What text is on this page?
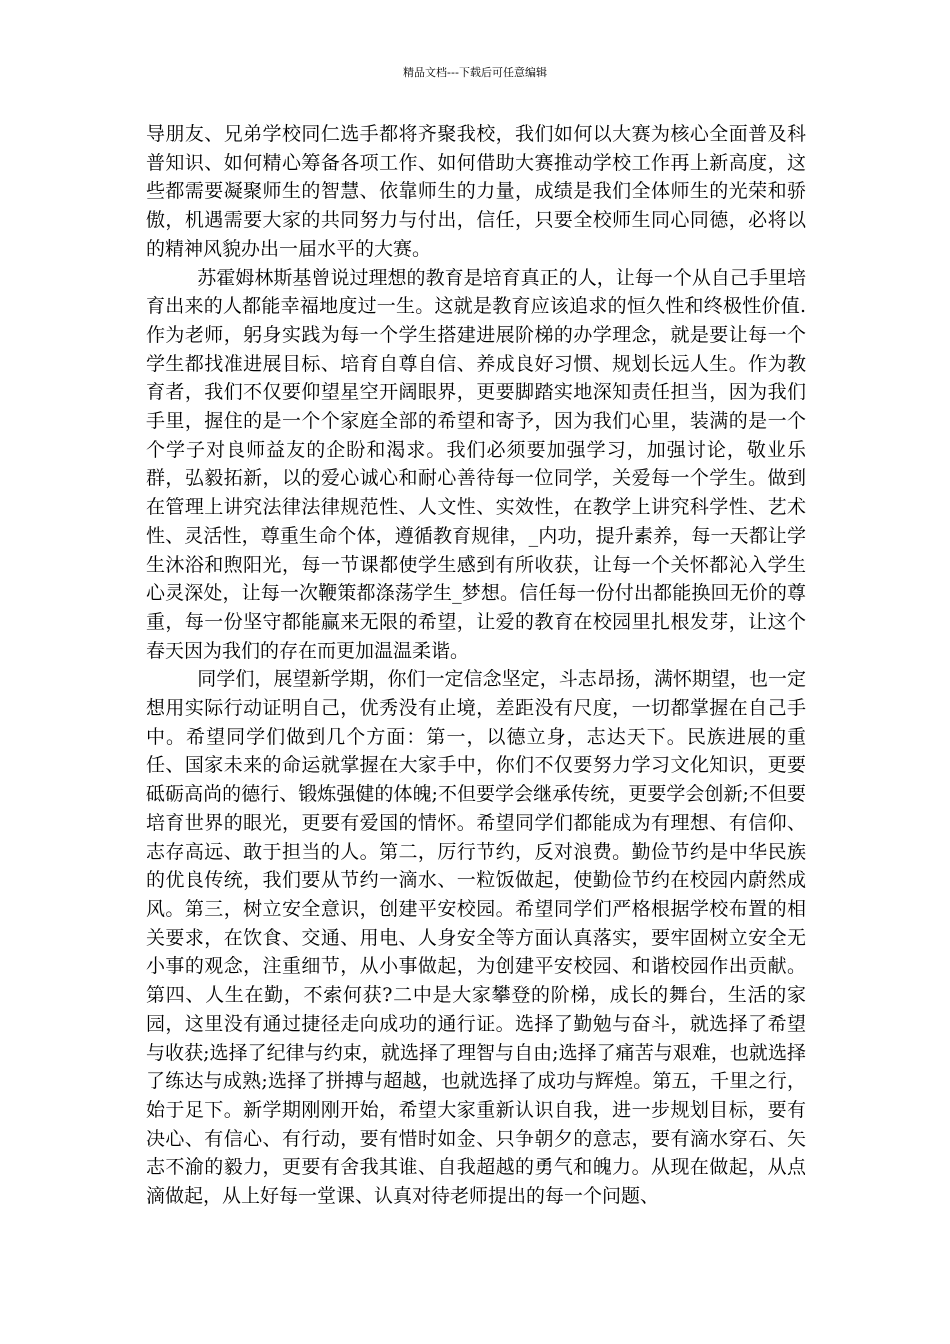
精品文档---下载后可任意编辑

导朋友、兄弟学校同仁选手都将齐聚我校，我们如何以大赛为核心全面普及科普知识、如何精心筹备各项工作、如何借助大赛推动学校工作再上新高度，这些都需要凝聚师生的智慧、依靠师生的力量，成绩是我们全体师生的光荣和骄傲，机遇需要大家的共同努力与付出，信任，只要全校师生同心同德，必将以的精神风貌办出一届水平的大赛。

苏霍姆林斯基曾说过理想的教育是培育真正的人，让每一个从自己手里培育出来的人都能幸福地度过一生。这就是教育应该追求的恒久性和终极性价值.作为老师，躬身实践为每一个学生搭建进展阶梯的办学理念，就是要让每一个学生都找准进展目标、培育自尊自信、养成良好习惯、规划长远人生。作为教育者，我们不仅要仰望星空开阔眼界，更要脚踏实地深知责任担当，因为我们手里，握住的是一个个家庭全部的希望和寄予，因为我们心里，装满的是一个个学子对良师益友的企盼和渴求。我们必须要加强学习，加强讨论，敬业乐群，弘毅拓新，以的爱心诚心和耐心善待每一位同学，关爱每一个学生。做到在管理上讲究法律法律规范性、人文性、实效性，在教学上讲究科学性、艺术性、灵活性，尊重生命个体，遵循教育规律，_内功，提升素养，每一天都让学生沐浴和煦阳光，每一节课都使学生感到有所收获，让每一个关怀都沁入学生心灵深处，让每一次鞭策都涤荡学生_梦想。信任每一份付出都能换回无价的尊重，每一份坚守都能赢来无限的希望，让爱的教育在校园里扎根发芽，让这个春天因为我们的存在而更加温温柔谐。

同学们，展望新学期，你们一定信念坚定，斗志昂扬，满怀期望，也一定想用实际行动证明自己，优秀没有止境，差距没有尺度，一切都掌握在自己手中。希望同学们做到几个方面：第一，以德立身，志达天下。民族进展的重任、国家未来的命运就掌握在大家手中，你们不仅要努力学习文化知识，更要砥砺高尚的德行、锻炼强健的体魄;不但要学会继承传统，更要学会创新;不但要培育世界的眼光，更要有爱国的情怀。希望同学们都能成为有理想、有信仰、志存高远、敢于担当的人。第二，厉行节约，反对浪费。勤俭节约是中华民族的优良传统，我们要从节约一滴水、一粒饭做起，使勤俭节约在校园内蔚然成风。第三，树立安全意识，创建平安校园。希望同学们严格根据学校布置的相关要求，在饮食、交通、用电、人身安全等方面认真落实，要牢固树立安全无小事的观念，注重细节，从小事做起，为创建平安校园、和谐校园作出贡献。第四、人生在勤，不索何获?二中是大家攀登的阶梯，成长的舞台，生活的家园，这里没有通过捷径走向成功的通行证。选择了勤勉与奋斗，就选择了希望与收获;选择了纪律与约束，就选择了理智与自由;选择了痛苦与艰难，也就选择了练达与成熟;选择了拼搏与超越，也就选择了成功与辉煌。第五，千里之行，始于足下。新学期刚刚开始，希望大家重新认识自我，进一步规划目标，要有决心、有信心、有行动，要有惜时如金、只争朝夕的意志，要有滴水穿石、矢志不渝的毅力，更要有舍我其谁、自我超越的勇气和魄力。从现在做起，从点滴做起，从上好每一堂课、认真对待老师提出的每一个问题、
